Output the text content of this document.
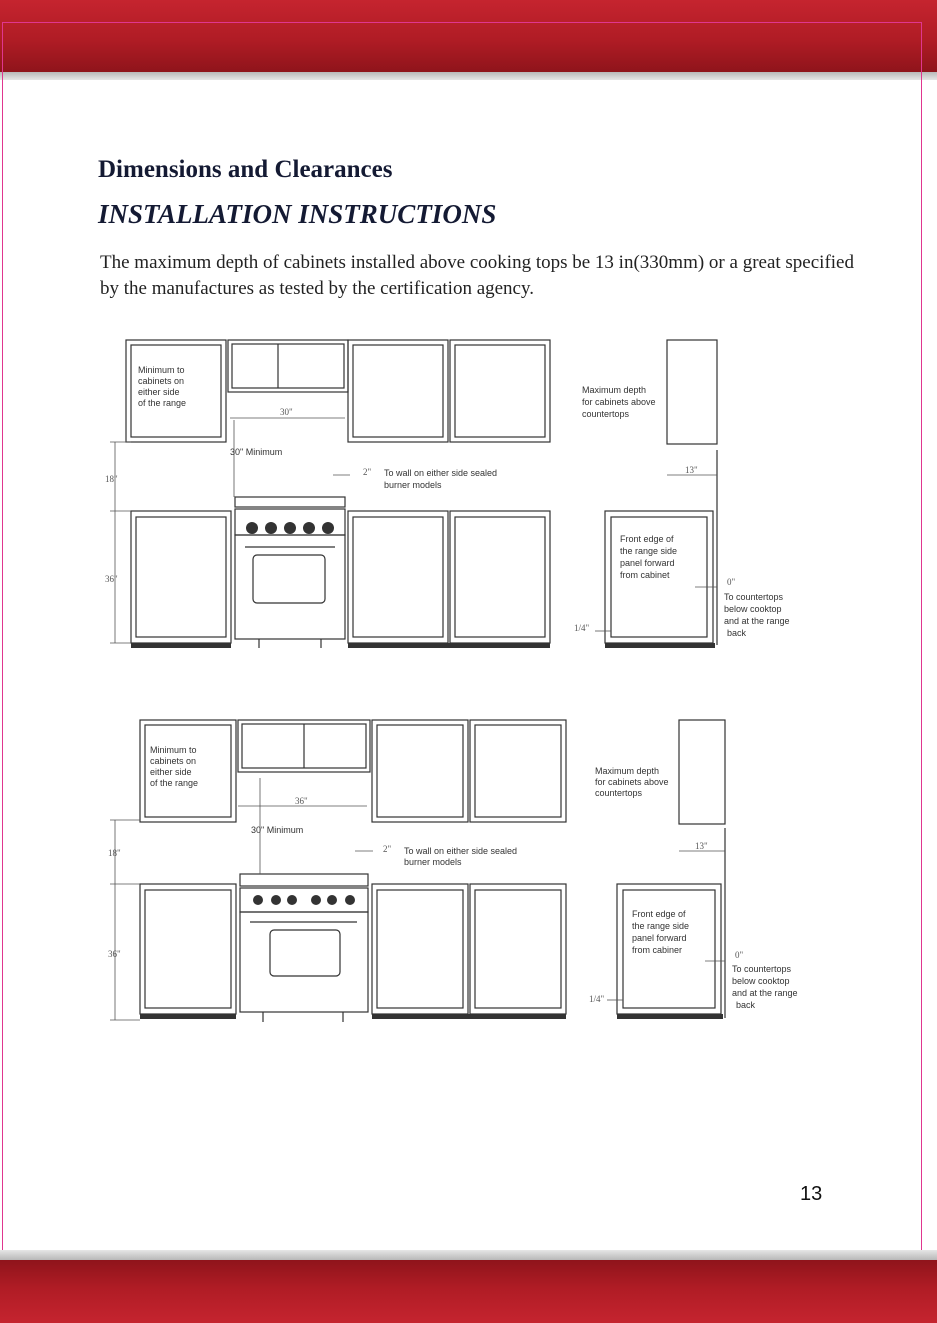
Dimensions and Clearances
INSTALLATION INSTRUCTIONS
The maximum depth of cabinets installed above cooking tops be 13 in(330mm) or a great specified by the manufactures as tested by the certification agency.
Minimum to
cabinets on
either side
of the range
30"
30" Minimum
2" To wall on either side sealed
burner models
18"
36"
Maximum depth
for cabinets above
countertops
13"
Front edge of
the range side
panel forward
from cabinet
0"
To countertops
below cooktop
and at the range
back
1/4"
Minimum to
cabinets on
either side
of the range
36"
30" Minimum
2" To wall on either side sealed
burner models
18"
36"
Maximum depth
for cabinets above
countertops
13"
Front edge of
the range side
panel forward
from cabiner	0"
To countertops
below cooktop
and at the range
back
1/4"
13
